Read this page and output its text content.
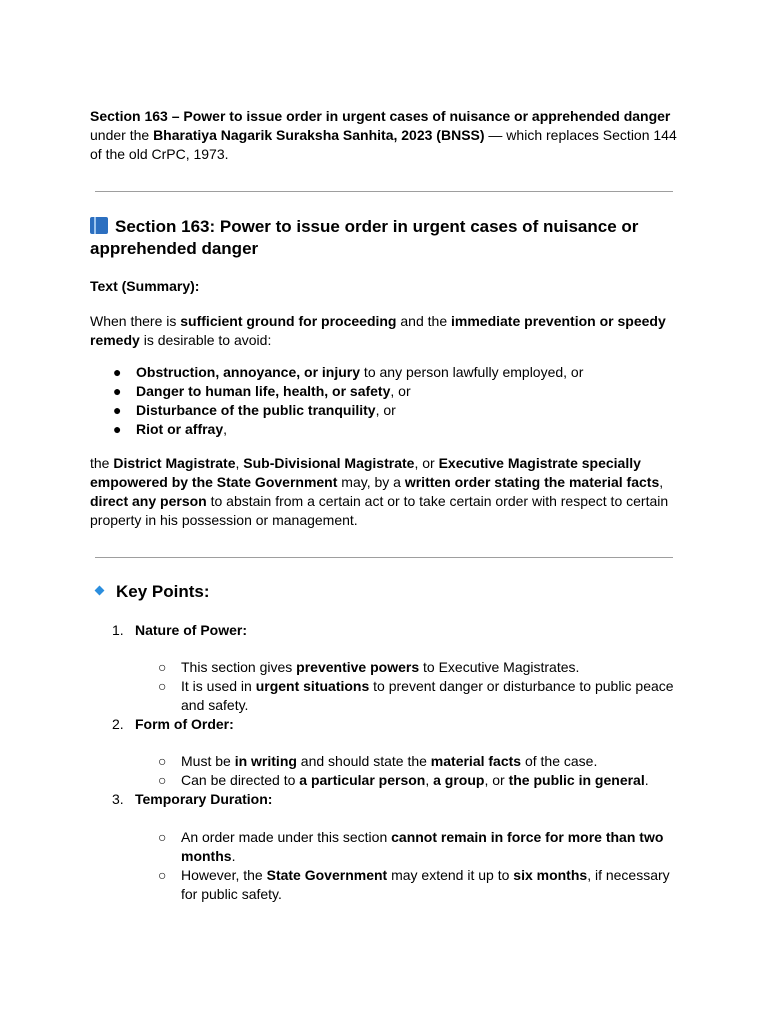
Section 163 – Power to issue order in urgent cases of nuisance or apprehended danger
under the Bharatiya Nagarik Suraksha Sanhita, 2023 (BNSS) — which replaces Section 144 of the old CrPC, 1973.

Section 163: Power to issue order in urgent cases of nuisance or apprehended danger

Text (Summary):

When there is sufficient ground for proceeding and the immediate prevention or speedy remedy is desirable to avoid:

● Obstruction, annoyance, or injury to any person lawfully employed, or
● Danger to human life, health, or safety, or
● Disturbance of the public tranquility, or
● Riot or affray,

the District Magistrate, Sub-Divisional Magistrate, or Executive Magistrate specially empowered by the State Government may, by a written order stating the material facts, direct any person to abstain from a certain act or to take certain order with respect to certain property in his possession or management.

Key Points:
1. Nature of Power:
○ This section gives preventive powers to Executive Magistrates.
○ It is used in urgent situations to prevent danger or disturbance to public peace and safety.
2. Form of Order:
○ Must be in writing and should state the material facts of the case.
○ Can be directed to a particular person, a group, or the public in general.
3. Temporary Duration:
○ An order made under this section cannot remain in force for more than two months.
○ However, the State Government may extend it up to six months, if necessary for public safety.
